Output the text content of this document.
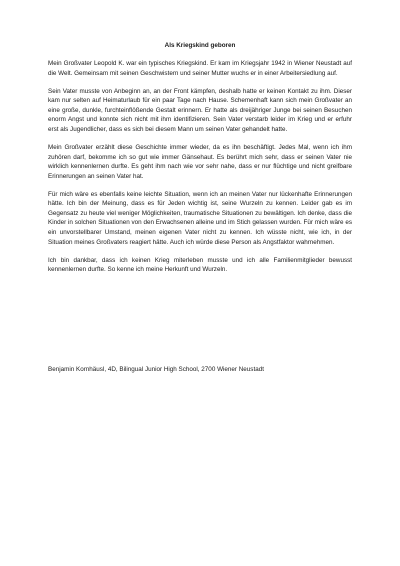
Als Kriegskind geboren

Mein Großvater Leopold K. war ein typisches Kriegskind. Er kam im Kriegsjahr 1942 in Wiener Neustadt auf die Welt. Gemeinsam mit seinen Geschwistern und seiner Mutter wuchs er in einer Arbeitersiedlung auf.

Sein Vater musste von Anbeginn an, an der Front kämpfen, deshalb hatte er keinen Kontakt zu ihm. Dieser kam nur selten auf Heimaturlaub für ein paar Tage nach Hause. Schemenhaft kann sich mein Großvater an eine große, dunkle, furchteinflößende Gestalt erinnern. Er hatte als dreijähriger Junge bei seinen Besuchen enorm Angst und konnte sich nicht mit ihm identifizieren. Sein Vater verstarb leider im Krieg und er erfuhr erst als Jugendlicher, dass es sich bei diesem Mann um seinen Vater gehandelt hatte.

Mein Großvater erzählt diese Geschichte immer wieder, da es ihn beschäftigt. Jedes Mal, wenn ich ihm zuhören darf, bekomme ich so gut wie immer Gänsehaut. Es berührt mich sehr, dass er seinen Vater nie wirklich kennenlernen durfte. Es geht ihm nach wie vor sehr nahe, dass er nur flüchtige und nicht greifbare Erinnerungen an seinen Vater hat.

Für mich wäre es ebenfalls keine leichte Situation, wenn ich an meinen Vater nur lückenhafte Erinnerungen hätte. Ich bin der Meinung, dass es für Jeden wichtig ist, seine Wurzeln zu kennen. Leider gab es im Gegensatz zu heute viel weniger Möglichkeiten, traumatische Situationen zu bewältigen. Ich denke, dass die Kinder in solchen Situationen von den Erwachsenen alleine und im Stich gelassen wurden. Für mich wäre es ein unvorstellbarer Umstand, meinen eigenen Vater nicht zu kennen. Ich wüsste nicht, wie ich, in der Situation meines Großvaters reagiert hätte. Auch ich würde diese Person als Angstfaktor wahrnehmen.

Ich bin dankbar, dass ich keinen Krieg miterleben musste und ich alle Familienmitglieder bewusst kennenlernen durfte. So kenne ich meine Herkunft und Wurzeln.

Benjamin Kornhäusl, 4D, Bilingual Junior High School, 2700 Wiener Neustadt
